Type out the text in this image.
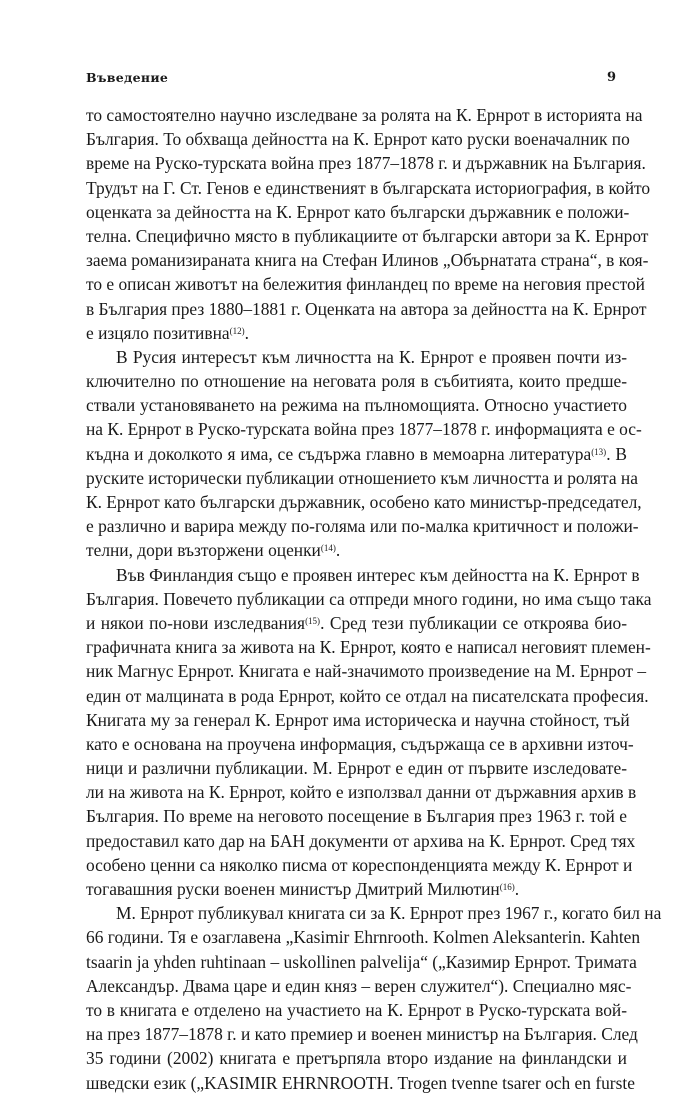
Въведение	9
то самостоятелно научно изследване за ролята на К. Ернрот в историята на
България. То обхваща дейността на К. Ернрот като руски военачалник по
време на Руско-турската война през 1877–1878 г. и държавник на България.
Трудът на Г. Ст. Генов е единственият в българската историография, в който
оценката за дейността на К. Ернрот като български държавник е положи-
телна. Специфично място в публикациите от български автори за К. Ернрот
заема романизираната книга на Стефан Илинов „Обърнатата страна“, в коя-
то е описан животът на бележития финландец по време на неговия престой
в България през 1880–1881 г. Оценката на автора за дейността на К. Ернрот
е изцяло позитивна$^{(12)}$.
В Русия интересът към личността на К. Ернрот е проявен почти из-
ключително по отношение на неговата роля в събитията, които предше-
ствали установяването на режима на пълномощията. Относно участието
на К. Ернрот в Руско-турската война през 1877–1878 г. информацията е ос-
къдна и доколкото я има, се съдържа главно в мемоарна литература$^{(13)}$. В
руските исторически публикации отношението към личността и ролята на
К. Ернрот като български държавник, особено като министър-председател,
е различно и варира между по-голяма или по-малка критичност и положи-
телни, дори възторжени оценки$^{(14)}$.
Във Финландия също е проявен интерес към дейността на К. Ернрот в
България. Повечето публикации са отпреди много години, но има също така
и някои по-нови изследвания$^{(15)}$. Сред тези публикации се откроява био-
графичната книга за живота на К. Ернрот, която е написал неговият племен-
ник Магнус Ернрот. Книгата е най-значимото произведение на М. Ернрот –
един от малцината в рода Ернрот, който се отдал на писателската професия.
Книгата му за генерал К. Ернрот има историческа и научна стойност, тъй
като е основана на проучена информация, съдържаща се в архивни източ-
ници и различни публикации. М. Ернрот е един от първите изследовате-
ли на живота на К. Ернрот, който е използвал данни от държавния архив в
България. По време на неговото посещение в България през 1963 г. той е
предоставил като дар на БАН документи от архива на К. Ернрот. Сред тях
особено ценни са няколко писма от кореспонденцията между К. Ернрот и
тогавашния руски военен министър Дмитрий Милютин$^{(16)}$.
М. Ернрот публикувал книгата си за К. Ернрот през 1967 г., когато бил на
66 години. Тя е озаглавена „Kasimir Ehrnrooth. Kolmen Aleksanterin. Kahten
tsaarin ja yhden ruhtinaan – uskollinen palvelija“ („Казимир Ернрот. Тримата
Александър. Двама царе и един княз – верен служител“). Специално мяс-
то в книгата е отделено на участието на К. Ернрот в Руско-турската вой-
на през 1877–1878 г. и като премиер и военен министър на България. След
35 години (2002) книгата е претърпяла второ издание на финландски и
шведски език („KASIMIR EHRNROOTH. Trogen tvenne tsarer och en furste
